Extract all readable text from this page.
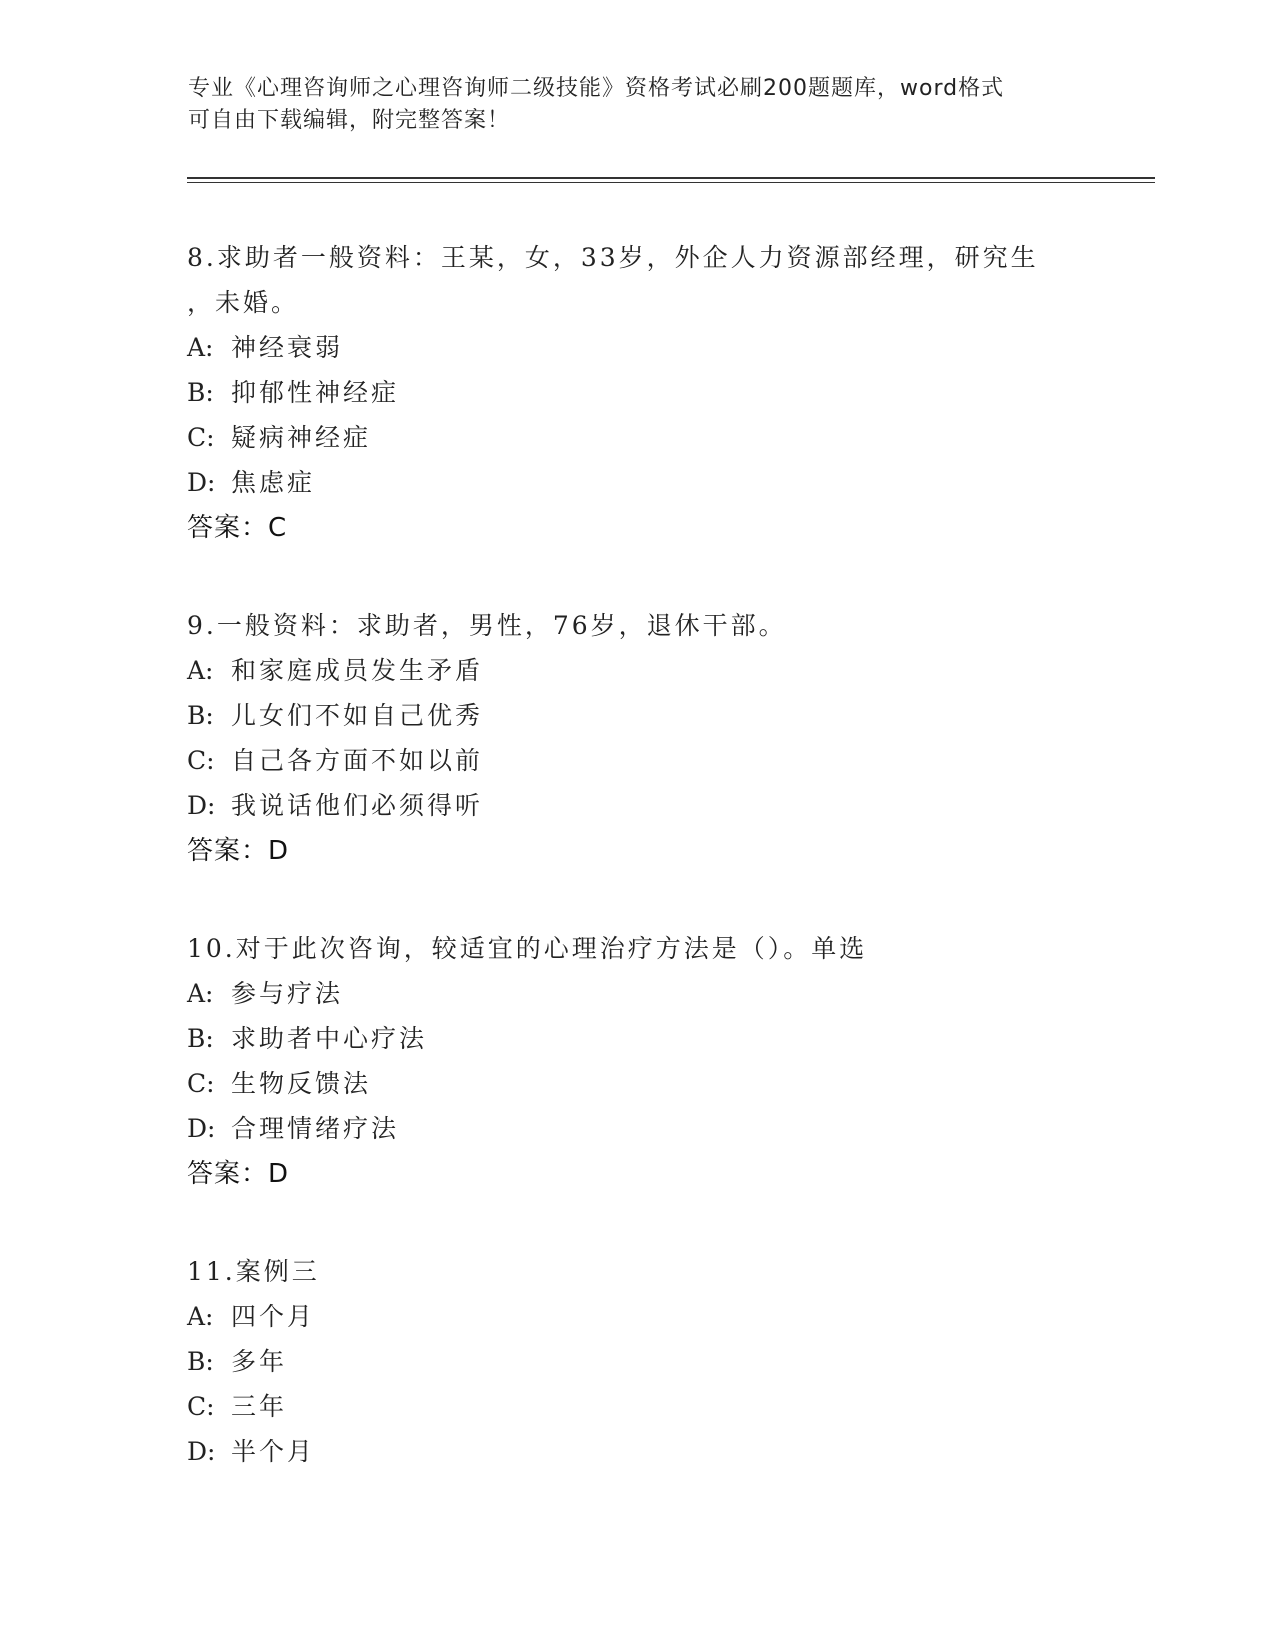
专业《心理咨询师之心理咨询师二级技能》资格考试必刷200题题库，word格式
可自由下载编辑，附完整答案！
8.求助者一般资料：王某，女，33岁，外企人力资源部经理，研究生
，未婚。
A: 神经衰弱
B: 抑郁性神经症
C: 疑病神经症
D: 焦虑症
答案：C
9.一般资料：求助者，男性，76岁，退休干部。
A: 和家庭成员发生矛盾
B: 儿女们不如自己优秀
C: 自己各方面不如以前
D: 我说话他们必须得听
答案：D
10.对于此次咨询，较适宜的心理治疗方法是（）。单选
A: 参与疗法
B: 求助者中心疗法
C: 生物反馈法
D: 合理情绪疗法
答案：D
11.案例三
A: 四个月
B: 多年
C: 三年
D: 半个月
